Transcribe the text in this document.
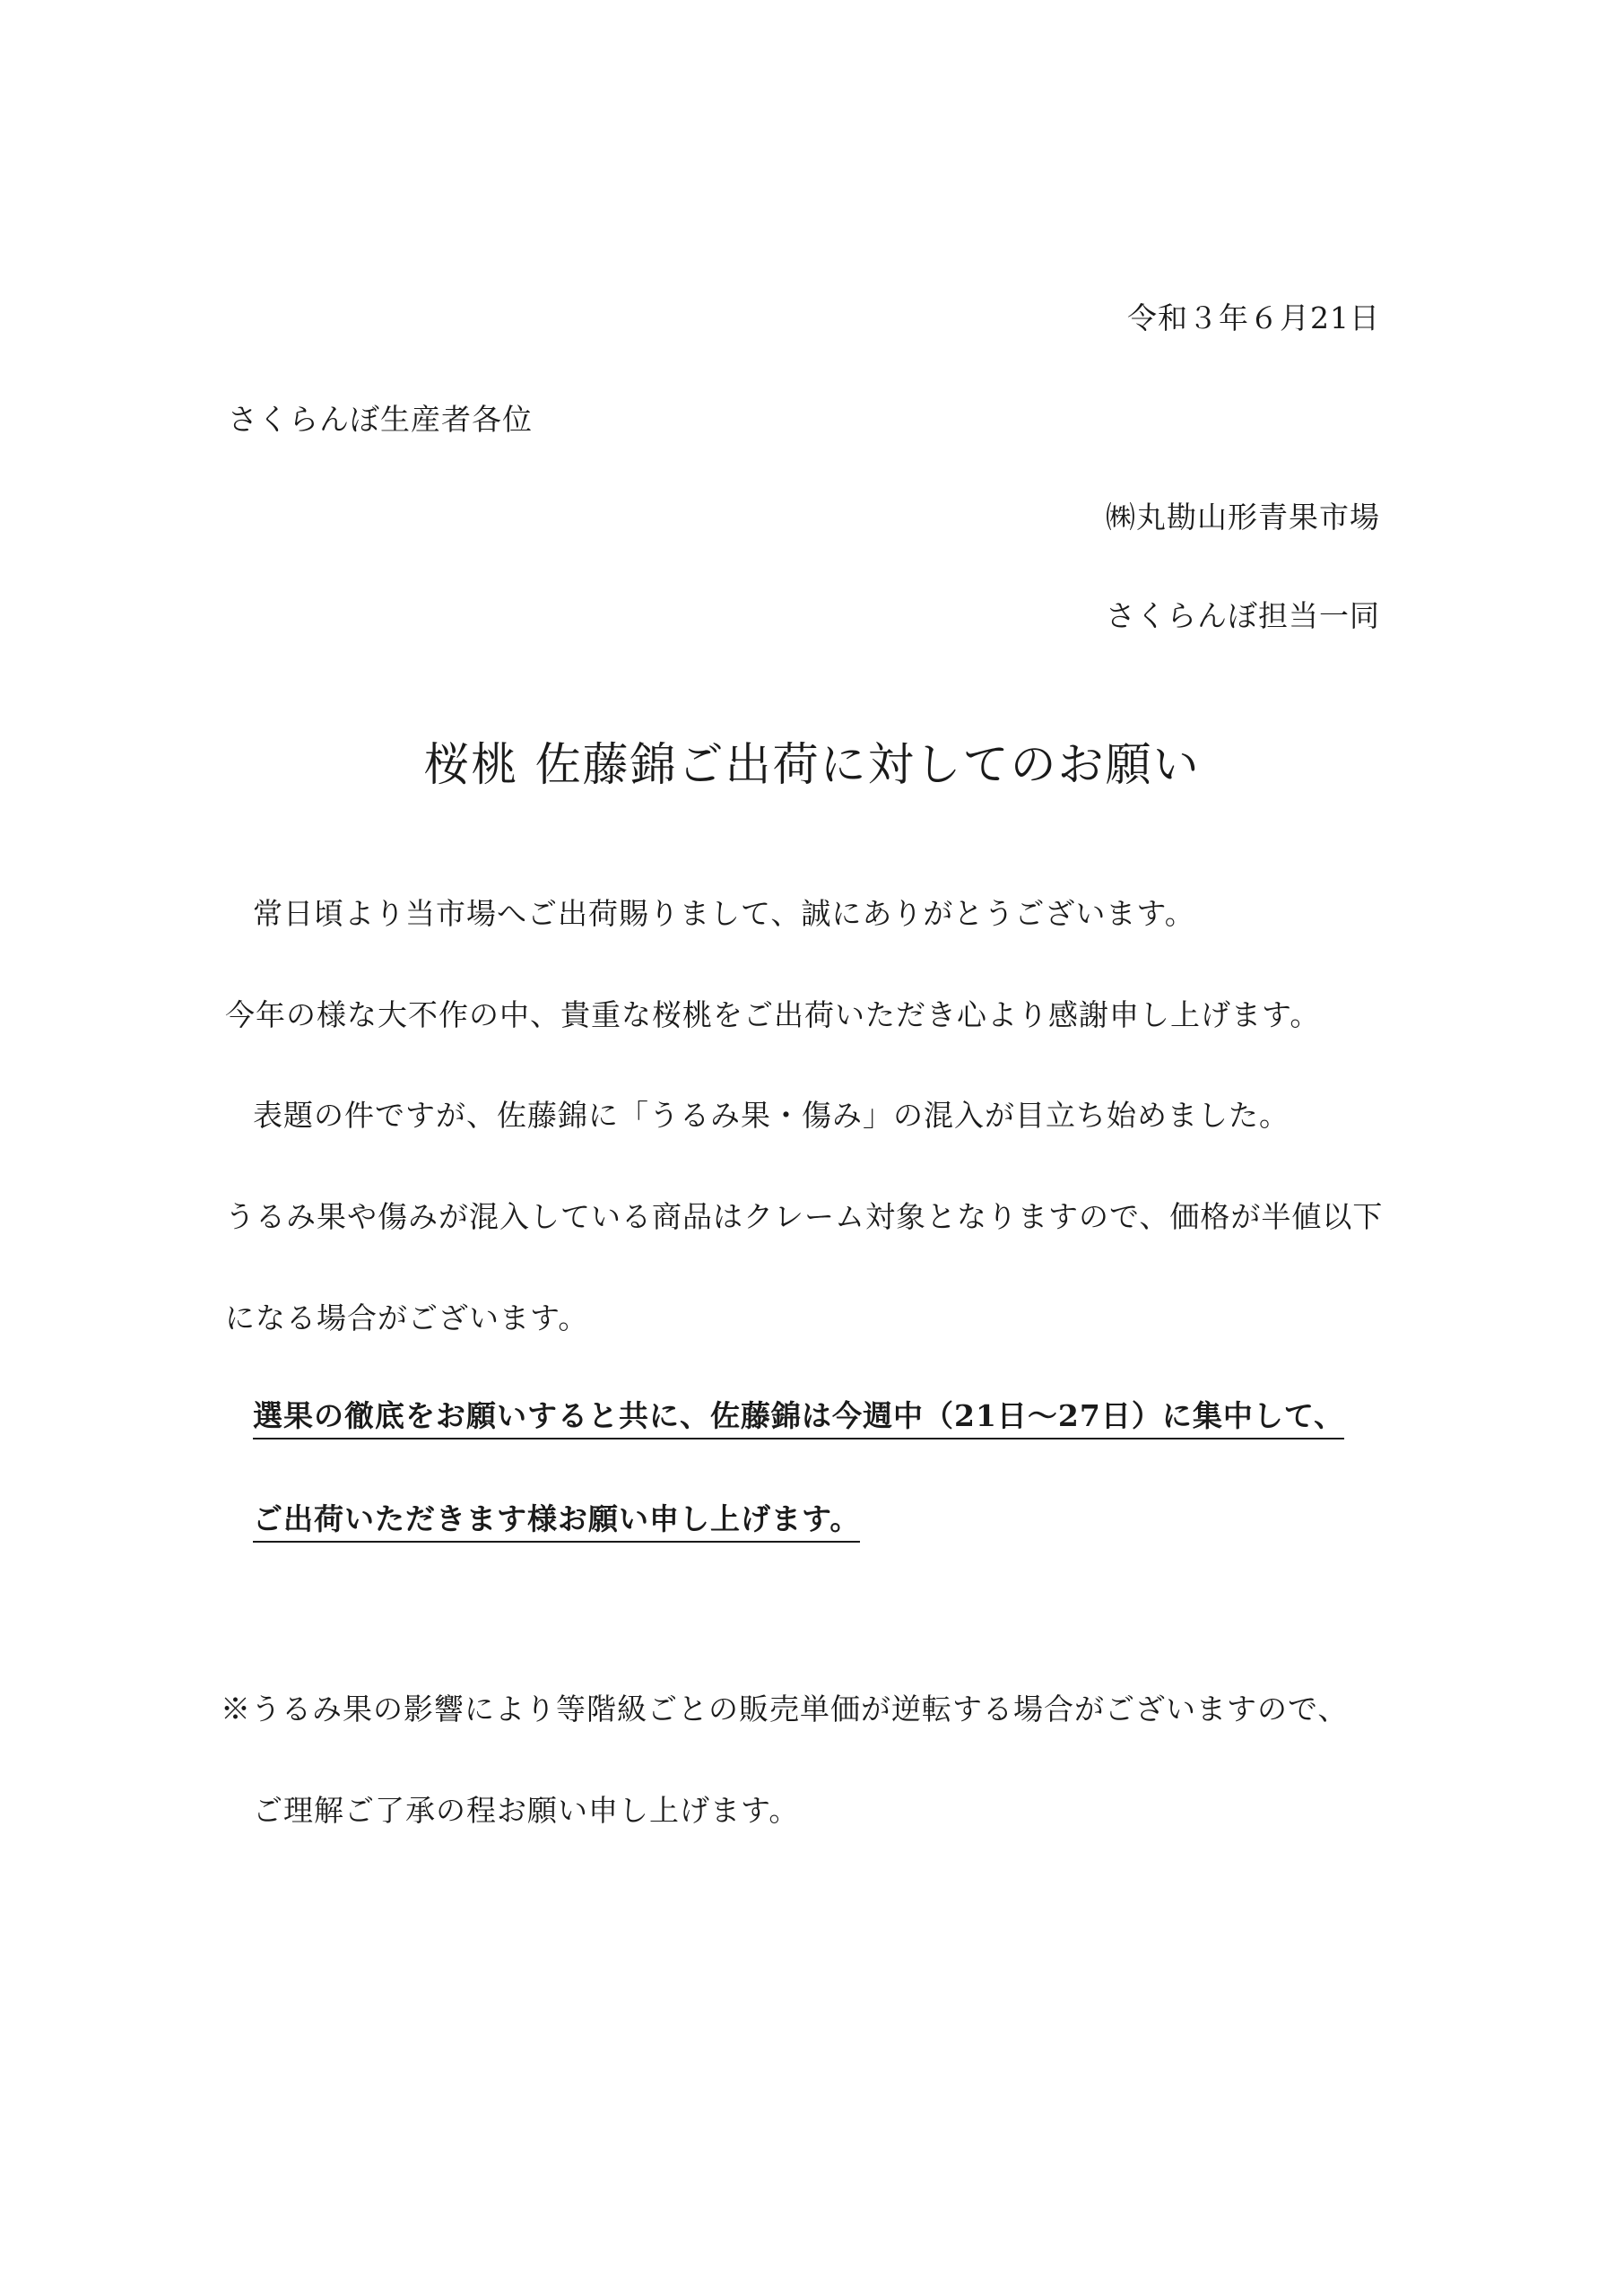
令和３年６月21日
さくらんぼ生産者各位
㈱丸勘山形青果市場
さくらんぼ担当一同
桜桃 佐藤錦ご出荷に対してのお願い
常日頃より当市場へご出荷賜りまして、誠にありがとうございます。
今年の様な大不作の中、貴重な桜桃をご出荷いただき心より感謝申し上げます。
表題の件ですが、佐藤錦に「うるみ果・傷み」の混入が目立ち始めました。
うるみ果や傷みが混入している商品はクレーム対象となりますので、価格が半値以下
になる場合がございます。
選果の徹底をお願いすると共に、佐藤錦は今週中（21日～27日）に集中して、
ご出荷いただきます様お願い申し上げます。
※うるみ果の影響により等階級ごとの販売単価が逆転する場合がございますので、
ご理解ご了承の程お願い申し上げます。
